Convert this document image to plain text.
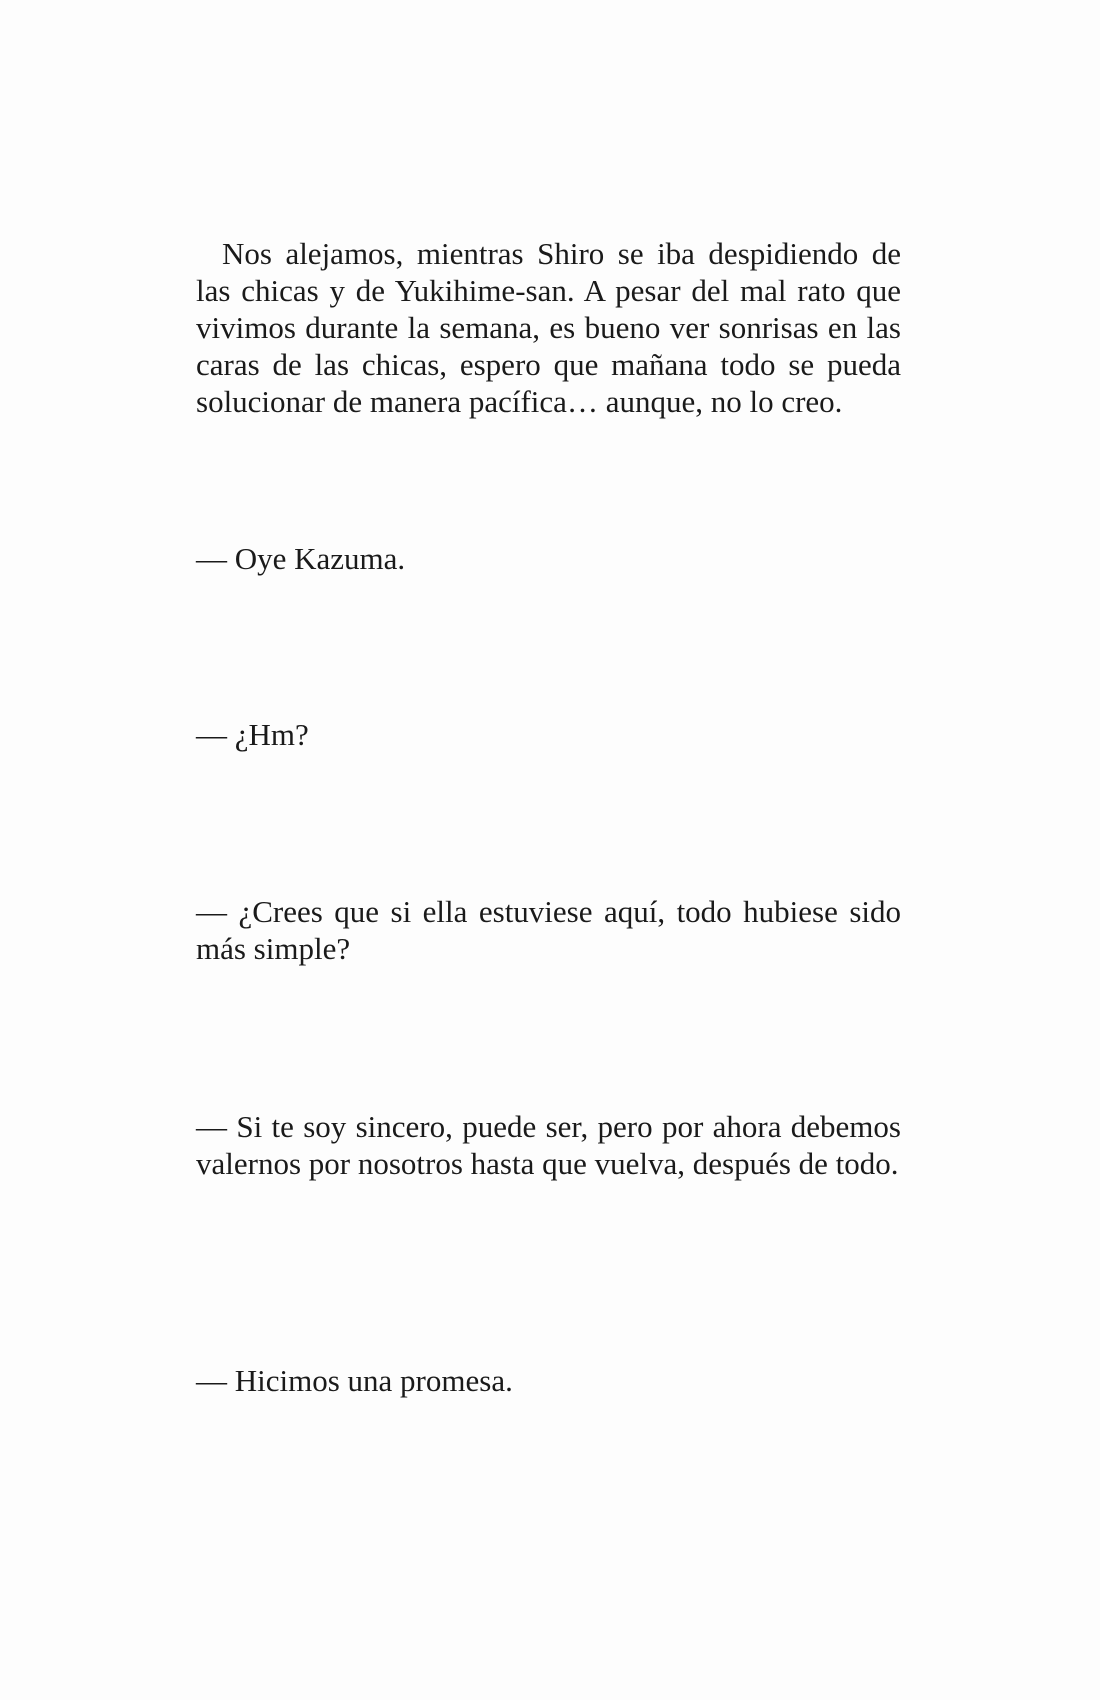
Nos alejamos, mientras Shiro se iba despidiendo de las chicas y de Yukihime-san. A pesar del mal rato que vivimos durante la semana, es bueno ver sonrisas en las caras de las chicas, espero que mañana todo se pueda solucionar de manera pacífica… aunque, no lo creo.

— Oye Kazuma.

— ¿Hm?

— ¿Crees que si ella estuviese aquí, todo hubiese sido más simple?

— Si te soy sincero, puede ser, pero por ahora debemos valernos por nosotros hasta que vuelva, después de todo.

— Hicimos una promesa.
